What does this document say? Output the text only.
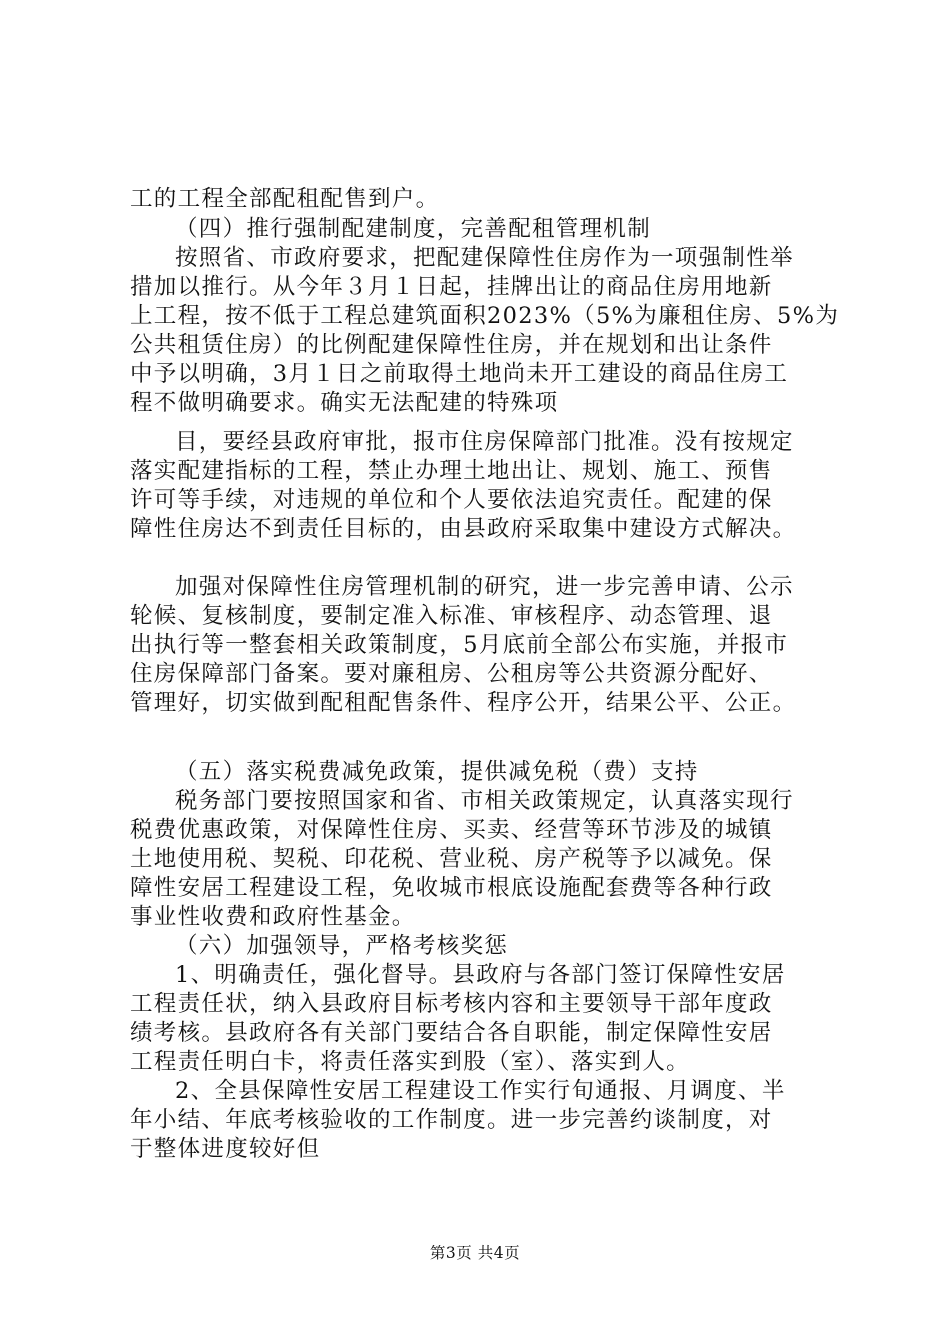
工的工程全部配租配售到户。
（四）推行强制配建制度，完善配租管理机制
按照省、市政府要求，把配建保障性住房作为一项强制性举
措加以推行。从今年３月１日起，挂牌出让的商品住房用地新
上工程，按不低于工程总建筑面积2023%（5%为廉租住房、5%为
公共租赁住房）的比例配建保障性住房，并在规划和出让条件
中予以明确，3月１日之前取得土地尚未开工建设的商品住房工
程不做明确要求。确实无法配建的特殊项
目，要经县政府审批，报市住房保障部门批准。没有按规定
落实配建指标的工程，禁止办理土地出让、规划、施工、预售
许可等手续，对违规的单位和个人要依法追究责任。配建的保
障性住房达不到责任目标的，由县政府采取集中建设方式解决。
加强对保障性住房管理机制的研究，进一步完善申请、公示
轮候、复核制度，要制定准入标准、审核程序、动态管理、退
出执行等一整套相关政策制度，5月底前全部公布实施，并报市
住房保障部门备案。要对廉租房、公租房等公共资源分配好、
管理好，切实做到配租配售条件、程序公开，结果公平、公正。
（五）落实税费减免政策，提供减免税（费）支持
税务部门要按照国家和省、市相关政策规定，认真落实现行
税费优惠政策，对保障性住房、买卖、经营等环节涉及的城镇
土地使用税、契税、印花税、营业税、房产税等予以减免。保
障性安居工程建设工程，免收城市根底设施配套费等各种行政
事业性收费和政府性基金。
（六）加强领导，严格考核奖惩
1、明确责任，强化督导。县政府与各部门签订保障性安居
工程责任状，纳入县政府目标考核内容和主要领导干部年度政
绩考核。县政府各有关部门要结合各自职能，制定保障性安居
工程责任明白卡，将责任落实到股（室）、落实到人。
2、全县保障性安居工程建设工作实行旬通报、月调度、半
年小结、年底考核验收的工作制度。进一步完善约谈制度，对
于整体进度较好但
第3页 共4页
